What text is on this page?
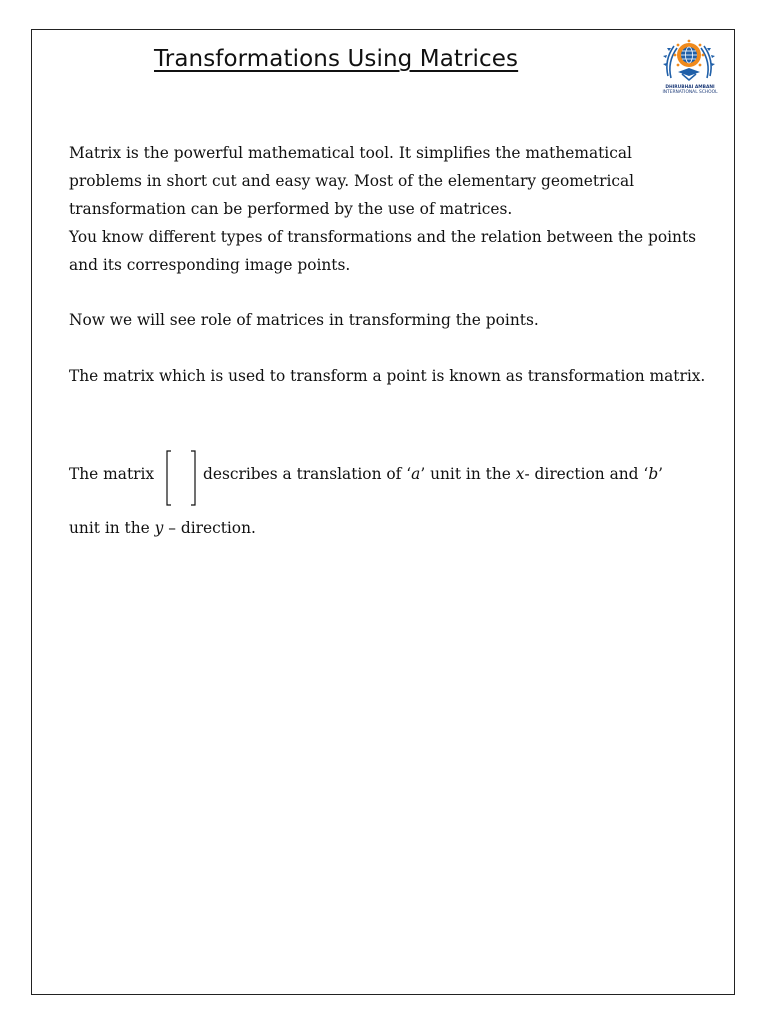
Transformations Using Matrices
DHIRUBHAI AMBANI
INTERNATIONAL SCHOOL

Matrix is the powerful mathematical tool. It simplifies the mathematical problems in short cut and easy way. Most of the elementary geometrical transformation can be performed by the use of matrices.
You know different types of transformations and the relation between the points and its corresponding image points.

Now we will see role of matrices in transforming the points.

The matrix which is used to transform a point is known as transformation matrix.

The matrix	describes a translation of ‘a’ unit in the x- direction and ‘b’

unit in the y – direction.
